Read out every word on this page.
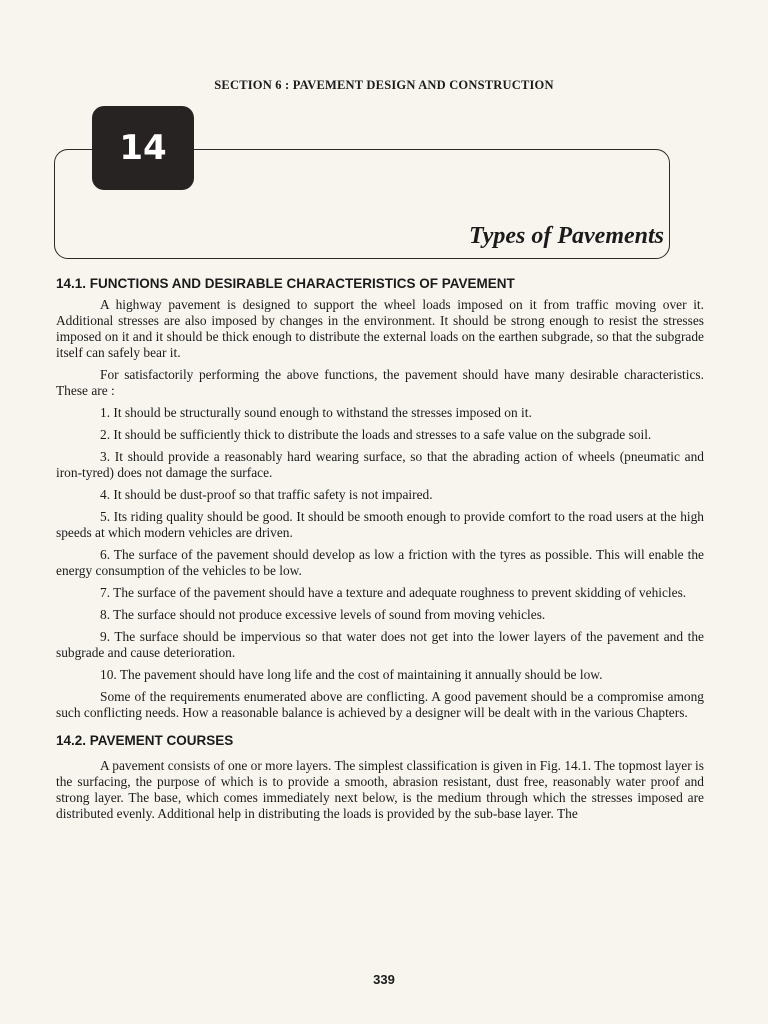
SECTION 6 : PAVEMENT DESIGN AND CONSTRUCTION
14
Types of Pavements
14.1. FUNCTIONS AND DESIRABLE CHARACTERISTICS OF PAVEMENT

A highway pavement is designed to support the wheel loads imposed on it from traffic moving over it. Additional stresses are also imposed by changes in the environment. It should be strong enough to resist the stresses imposed on it and it should be thick enough to distribute the external loads on the earthen subgrade, so that the subgrade itself can safely bear it.

For satisfactorily performing the above functions, the pavement should have many desirable characteristics. These are :

1. It should be structurally sound enough to withstand the stresses imposed on it.
2. It should be sufficiently thick to distribute the loads and stresses to a safe value on the subgrade soil.
3. It should provide a reasonably hard wearing surface, so that the abrading action of wheels (pneumatic and iron-tyred) does not damage the surface.
4. It should be dust-proof so that traffic safety is not impaired.
5. Its riding quality should be good. It should be smooth enough to provide comfort to the road users at the high speeds at which modern vehicles are driven.
6. The surface of the pavement should develop as low a friction with the tyres as possible. This will enable the energy consumption of the vehicles to be low.
7. The surface of the pavement should have a texture and adequate roughness to prevent skidding of vehicles.
8. The surface should not produce excessive levels of sound from moving vehicles.
9. The surface should be impervious so that water does not get into the lower layers of the pavement and the subgrade and cause deterioration.
10. The pavement should have long life and the cost of maintaining it annually should be low.

Some of the requirements enumerated above are conflicting. A good pavement should be a compromise among such conflicting needs. How a reasonable balance is achieved by a designer will be dealt with in the various Chapters.

14.2. PAVEMENT COURSES

A pavement consists of one or more layers. The simplest classification is given in Fig. 14.1. The topmost layer is the surfacing, the purpose of which is to provide a smooth, abrasion resistant, dust free, reasonably water proof and strong layer. The base, which comes immediately next below, is the medium through which the stresses imposed are distributed evenly. Additional help in distributing the loads is provided by the sub-base layer. The

339
